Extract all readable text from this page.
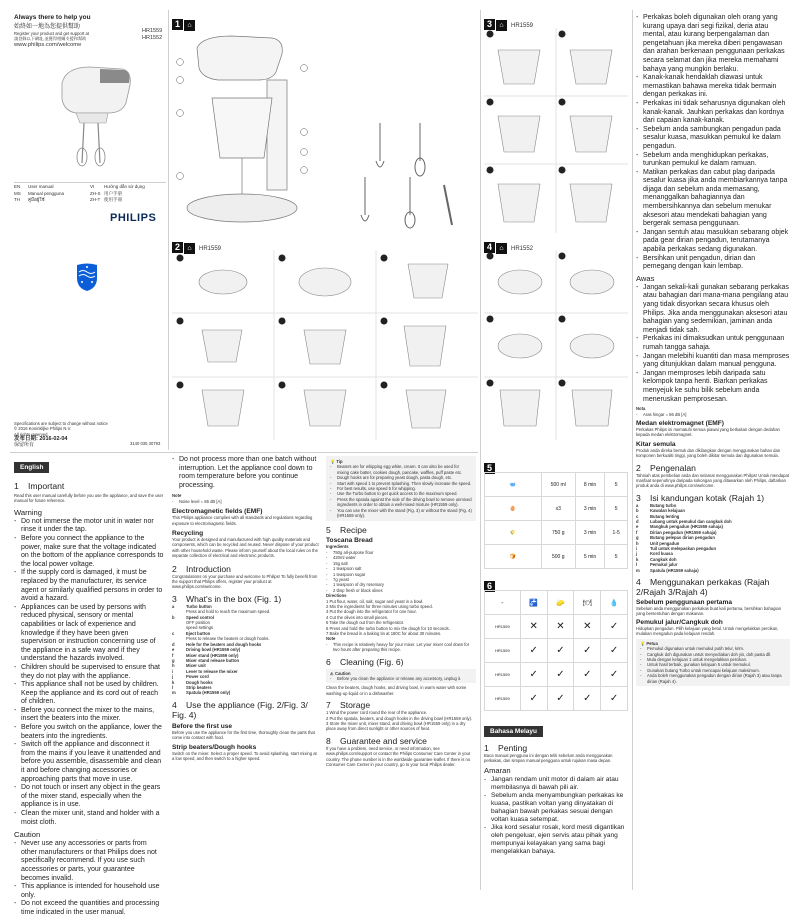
Always there to help you
始終如一地為您提供幫助
Register your product and get support at
請登錄以下網址,並獲得相關支援和幫助
www.philips.com/welcome
HR1559
HR1552
EN User manual	VI Hướng dẫn sử dụng
MS Manual pengguna	ZH-S 用户手册
TH คู่มือผู้ใช้	ZH-T 使用手冊
PHILIPS
Specifications are subject to change without notice
© 2016 Koninklijke Philips N.V.
All rights reserved.
发布日期: 2016-02-04
保留所有	3140 035 30793
1 ⌂
2 ⌂ HR1559
3 ⌂ HR1559
4 ⌂ HR1552
5
🥣	500 ml	8 min	5
🥚	x3	3 min	5
🌾	750 g	3 min	1-5
🍞	500 g	5 min	5
6
⌁	🚰	🧽	🍽	💧
HR1559	✕	✕	✕	✓
HR1559	✓	✓	✓	✓
HR1559	✓	✓	✓	✓
HR1559	✓	✓	✓	✓
English
1 Important
Read this user manual carefully before you use the appliance, and save the user manual for future reference.
Warning
- Do not immerse the motor unit in water nor rinse it under the tap.
- Before you connect the appliance to the power, make sure that the voltage indicated on the bottom of the appliance corresponds to the local power voltage.
- If the supply cord is damaged, it must be replaced by the manufacturer, its service agent or similarly qualified persons in order to avoid a hazard.
- Appliances can be used by persons with reduced physical, sensory or mental capabilities or lack of experience and knowledge if they have been given supervision or instruction concerning use of the appliance in a safe way and if they understand the hazards involved.
- Children should be supervised to ensure that they do not play with the appliance.
- This appliance shall not be used by children. Keep the appliance and its cord out of reach of children.
- Before you connect the mixer to the mains, insert the beaters into the mixer.
- Before you switch on the appliance, lower the beaters into the ingredients.
- Switch off the appliance and disconnect it from the mains if you leave it unattended and before you assemble, disassemble and clean it and before changing accessories or approaching parts that move in use.
- Do not touch or insert any object in the gears of the mixer stand, especially when the appliance is in use.
- Clean the mixer unit, stand and holder with a moist cloth.
Caution
- Never use any accessories or parts from other manufacturers or that Philips does not specifically recommend. If you use such accessories or parts, your guarantee becomes invalid.
- This appliance is intended for household use only.
- Do not exceed the quantities and processing time indicated in the user manual.
- Do not process more than one batch without interruption. Let the appliance cool down to room temperature before you continue processing.
Note
- Noise level = 86 dB [A]
Electromagnetic fields (EMF)
This Philips appliance complies with all standards and regulations regarding exposure to electromagnetic fields.
Recycling
Your product is designed and manufactured with high quality materials and components, which can be recycled and reused. Never dispose of your product with other household waste. Please inform yourself about the local rules on the separate collection of electrical and electronic products.
2 Introduction
Congratulations on your purchase and welcome to Philips! To fully benefit from the support that Philips offers, register your product at www.philips.com/welcome.
3 What's in the box (Fig. 1)
a	Turbo button
Press and hold to reach the maximum speed.
b	Speed control
OFF position
speed settings
c	Eject button
Press to release the beaters or dough hooks.
d	Hole for the beaters and dough hooks
e	Driving bowl (HR1559 only)
f	Mixer stand (HR1559 only)
g	Mixer stand release button
h	Mixer unit
i	Lever to release the mixer
j	Power cord
k	Dough hooks
l	Strip beaters
m Spatula (HR1559 only)
4 Use the appliance (Fig. 2/Fig. 3/ Fig. 4)
Before the first use
Before you use the appliance for the first time, thoroughly clean the parts that come into contact with food.
Strip beaters/Dough hooks
Switch on the mixer. Select a proper speed. To avoid splashing, start mixing at a low speed, and then switch to a higher speed.
💡 Tip
- Beaters are for whipping egg white, cream. It can also be used for mixing cake batter, cookies dough, pancake, waffles, puff paste etc.
- Dough hooks are for preparing yeast dough, pasta dough, etc.
- Start with speed 1 to prevent splashing. Then slowly increase the speed.
- For best results, use speed 5 for whipping.
- Use the Turbo button to get quick access to the maximum speed.
- Press the spatula against the side of the driving bowl to remove unmixed ingredients in order to obtain a well-mixed mixture (HR1559 only).
- You can use the mixer with the stand (Fig. 3) or without the stand (Fig. 4) (HR1559 only).
5 Recipe
Toscana Bread
Ingredients
- 750g all-purpose flour
- 420ml water
- 15g salt
- 1 teaspoon salt
- 1 teaspoon sugar
- 7g yeast
- 1 teaspoon of dry rosemary
- 2 tbsp fresh or black olives
Directions
1 Put flour, water, oil, salt, sugar and yeast in a bowl.
2 Mix the ingredients for three minutes using turbo speed.
3 Put the dough into the refrigerator for one hour.
4 Cut the olives into small pieces.
5 Take the dough out from the refrigerator.
6 Press and hold the turbo button to mix the dough for 10 seconds.
7 Bake the bread in a baking tin at 180C for about 30 minutes.
Note
- This recipe is relatively heavy for your mixer. Let your mixer cool down for two hours after preparing this recipe.
6 Cleaning (Fig. 6)
⚠ Caution
- Before you clean the appliance or release any accessory, unplug it.
Clean the beaters, dough hooks, and driving bowl, in warm water with some washing-up liquid or in a dishwasher.
7 Storage
1 Wind the power cord round the rear of the appliance.
2 Put the spatula, beaters, and dough hooks in the driving bowl (HR1559 only).
3 Store the mixer unit, mixer stand, and driving bowl (HR1559 only) in a dry place away from direct sunlight or other sources of heat.
8 Guarantee and service
If you have a problem, need service, or need information, see www.philips.com/support or contact the Philips Consumer Care Center in your country. The phone number is in the worldwide guarantee leaflet. If there is no Consumer Care Center in your country, go to your local Philips dealer.
Bahasa Melayu
1 Penting
Baca manual pengguna ini dengan teliti sebelum anda menggunakan perkakas, dan simpan manual pengguna untuk rujukan masa depan.
Amaran
- Jangan rendam unit motor di dalam air atau membilasnya di bawah pili air.
- Sebelum anda menyambungkan perkakas ke kuasa, pastikan voltan yang dinyatakan di bahagian bawah perkakas sesuai dengan voltan kuasa setempat.
- Jika kord sesalur rosak, kord mesti digantikan oleh pengeluar, ejen servis atau pihak yang mempunyai kelayakan yang sama bagi mengelakkan bahaya.
- Perkakas boleh digunakan oleh orang yang kurang upaya dari segi fizikal, deria atau mental, atau kurang berpengalaman dan pengetahuan jika mereka diberi pengawasan dan arahan berkenaan penggunaan perkakas secara selamat dan jika mereka memahami bahaya yang mungkin berlaku.
- Kanak-kanak hendaklah diawasi untuk memastikan bahawa mereka tidak bermain dengan perkakas ini.
- Perkakas ini tidak seharusnya digunakan oleh kanak-kanak. Jauhkan perkakas dan kordnya dari capaian kanak-kanak.
- Sebelum anda sambungkan pengadun pada sesalur kuasa, masukkan pemukul ke dalam pengadun.
- Sebelum anda menghidupkan perkakas, turunkan pemukul ke dalam ramuan.
- Matikan perkakas dan cabut plag daripada sesalur kuasa jika anda membiarkannya tanpa dijaga dan sebelum anda memasang, menanggalkan bahagiannya dan membersihkannya dan sebelum menukar aksesori atau mendekati bahagian yang bergerak semasa penggunaan.
- Jangan sentuh atau masukkan sebarang objek pada gear dirian pengadun, terutamanya apabila perkakas sedang digunakan.
- Bersihkan unit pengadun, dirian dan pemegang dengan kain lembap.
Awas
- Jangan sekali-kali gunakan sebarang perkakas atau bahagian dari mana-mana pengilang atau yang tidak disyorkan secara khusus oleh Philips. Jika anda menggunakan aksesori atau bahagian yang sedemikian, jaminan anda menjadi tidak sah.
- Perkakas ini dimaksudkan untuk penggunaan rumah tangga sahaja.
- Jangan melebihi kuantiti dan masa memproses yang ditunjukkan dalam manual pengguna.
- Jangan memproses lebih daripada satu kelompok tanpa henti. Biarkan perkakas menyejuk ke suhu bilik sebelum anda meneruskan pemprosesan.
Nota
- Aras hingar = 86 dB [A]
Medan elektromagnet (EMF)
Perkakas Philips ini mematuhi semua piawai yang berkaitan dengan dedahan kepada medan elektromagnet.
Kitar semula
Produk anda direka bentuk dan dikilangkan dengan menggunakan bahan dan komponen berkualiti tinggi, yang boleh dikitar semula dan digunakan semula.
2 Pengenalan
Tahniah atas pembelian anda dan selamat menggunakan Philips! Untuk mendapat manfaat sepenuhnya daripada sokongan yang ditawarkan oleh Philips, daftarkan produk anda di www.philips.com/welcome.
3 Isi kandungan kotak (Rajah 1)
a	Butang turbo
b	Kawalan kelajuan
c	Butang lenting
d	Lubang untuk pemukul dan cangkuk doh
e	Mangkuk pengadun (HR1559 sahaja)
f	Dirian pengadun (HR1559 sahaja)
g	Butang pelepas dirian pengadun
h	Unit pengadun
i	Tuil untuk melepaskan pengadun
j	Kord kuasa
k	Cangkuk doh
l	Pemukul jalur
m Spatula (HR1559 sahaja)
4 Menggunakan perkakas (Rajah 2/Rajah 3/Rajah 4)
Sebelum penggunaan pertama
Sebelum anda menggunakan perkakas buat kali pertama, bersihkan bahagian yang bersentuhan dengan makanan.
Pemukul jalur/Cangkuk doh
Hidupkan pengadun. Pilih kelajuan yang betul. Untuk mengelakkan percikan, mulakan mengadun pada kelajuan rendah.
💡 Petua
- Pemukul digunakan untuk memukul putih telur, krim.
- Cangkuk doh digunakan untuk menyediakan doh yis, doh pasta dll.
- Mula dengan kelajuan 1 untuk mengelakkan percikan.
- Untuk hasil terbaik, gunakan kelajuan 5 untuk memukul.
- Gunakan butang Turbo untuk mencapai kelajuan maksimum.
- Anda boleh menggunakan pengadun dengan dirian (Rajah 3) atau tanpa dirian (Rajah 4).
